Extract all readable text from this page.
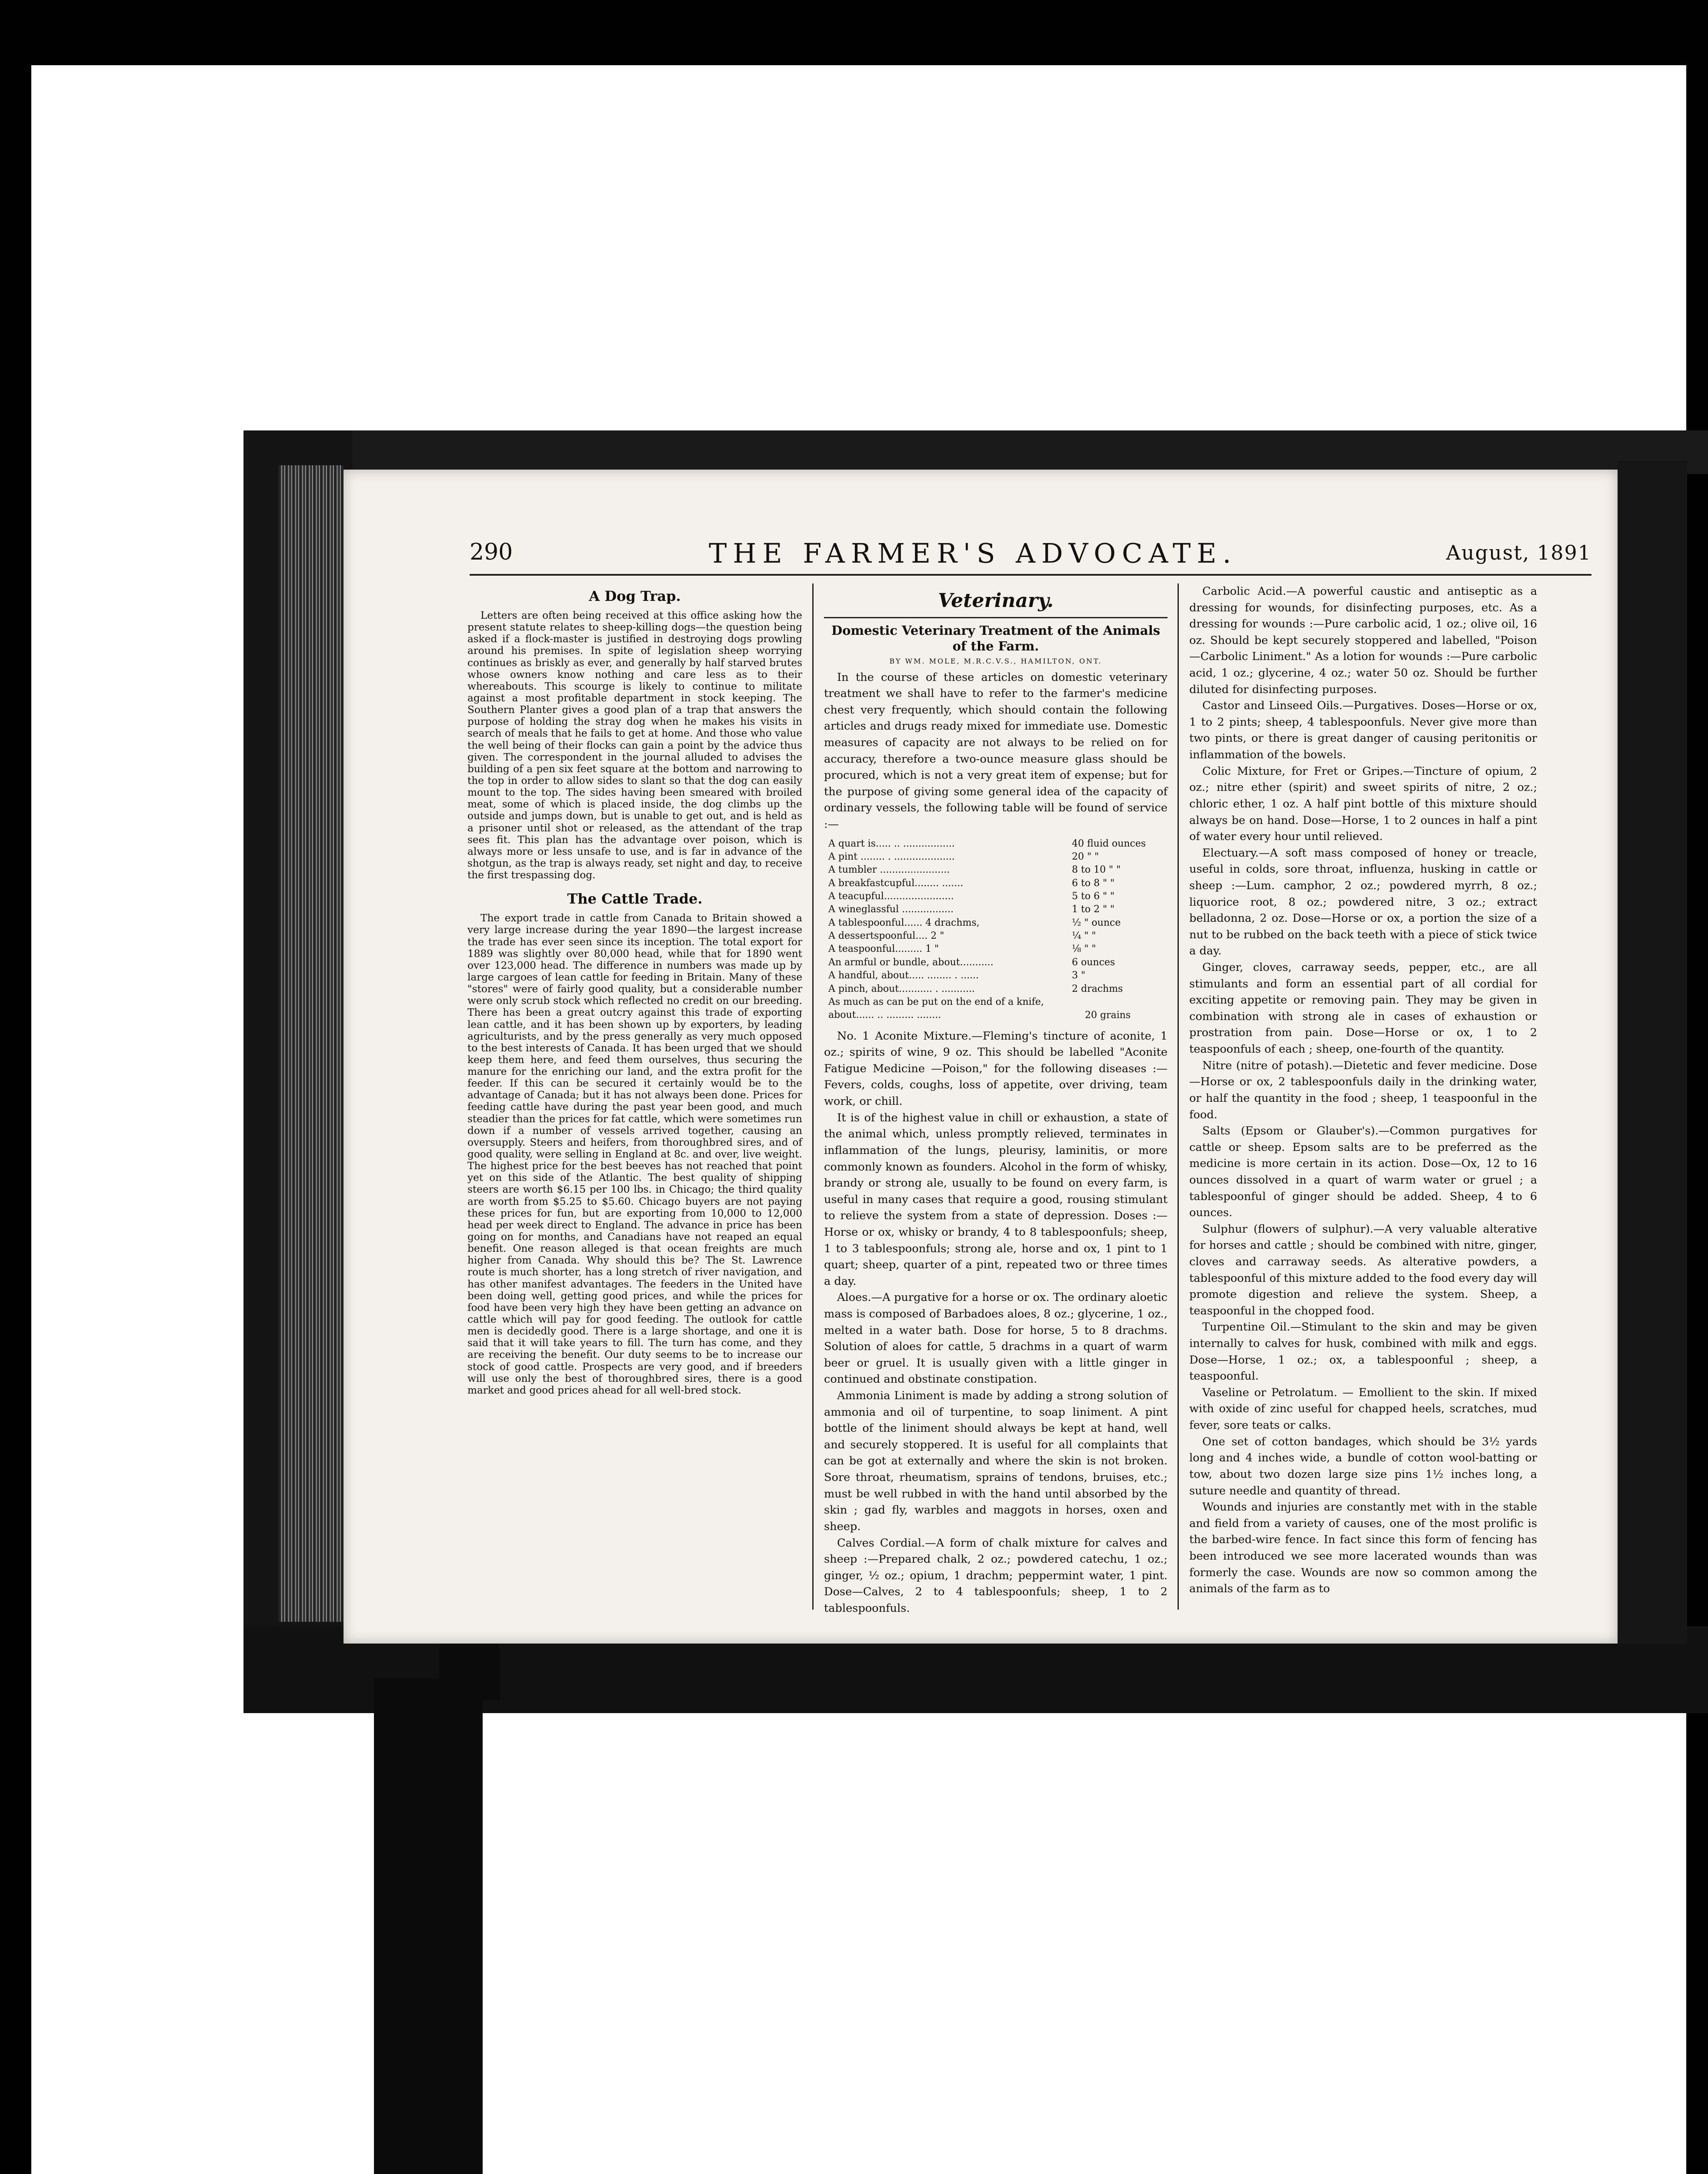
290	THE FARMER'S ADVOCATE.	August, 1891
A Dog Trap.

Letters are often being received at this office asking how the present statute relates to sheep-killing dogs—the question being asked if a flock-master is justified in destroying dogs prowling around his premises. In spite of legislation sheep worrying continues as briskly as ever, and generally by half starved brutes whose owners know nothing and care less as to their whereabouts. This scourge is likely to continue to militate against a most profitable department in stock keeping. The Southern Planter gives a good plan of a trap that answers the purpose of holding the stray dog when he makes his visits in search of meals that he fails to get at home. And those who value the well being of their flocks can gain a point by the advice thus given. The correspondent in the journal alluded to advises the building of a pen six feet square at the bottom and narrowing to the top in order to allow sides to slant so that the dog can easily mount to the top. The sides having been smeared with broiled meat, some of which is placed inside, the dog climbs up the outside and jumps down, but is unable to get out, and is held as a prisoner until shot or released, as the attendant of the trap sees fit. This plan has the advantage over poison, which is always more or less unsafe to use, and is far in advance of the shotgun, as the trap is always ready, set night and day, to receive the first trespassing dog.

The Cattle Trade.

The export trade in cattle from Canada to Britain showed a very large increase during the year 1890—the largest increase the trade has ever seen since its inception. The total export for 1889 was slightly over 80,000 head, while that for 1890 went over 123,000 head. The difference in numbers was made up by large cargoes of lean cattle for feeding in Britain. Many of these "stores" were of fairly good quality, but a considerable number were only scrub stock which reflected no credit on our breeding. There has been a great outcry against this trade of exporting lean cattle, and it has been shown up by exporters, by leading agriculturists, and by the press generally as very much opposed to the best interests of Canada. It has been urged that we should keep them here, and feed them ourselves, thus securing the manure for the enriching our land, and the extra profit for the feeder. If this can be secured it certainly would be to the advantage of Canada; but it has not always been done. Prices for feeding cattle have during the past year been good, and much steadier than the prices for fat cattle, which were sometimes run down if a number of vessels arrived together, causing an oversupply. Steers and heifers, from thoroughbred sires, and of good quality, were selling in England at 8c. and over, live weight. The highest price for the best beeves has not reached that point yet on this side of the Atlantic. The best quality of shipping steers are worth $6.15 per 100 lbs. in Chicago; the third quality are worth from $5.25 to $5.60. Chicago buyers are not paying these prices for fun, but are exporting from 10,000 to 12,000 head per week direct to England. The advance in price has been going on for months, and Canadians have not reaped an equal benefit. One reason alleged is that ocean freights are much higher from Canada. Why should this be? The St. Lawrence route is much shorter, has a long stretch of river navigation, and has other manifest advantages. The feeders in the United have been doing well, getting good prices, and while the prices for food have been very high they have been getting an advance on cattle which will pay for good feeding. The outlook for cattle men is decidedly good. There is a large shortage, and one it is said that it will take years to fill. The turn has come, and they are receiving the benefit. Our duty seems to be to increase our stock of good cattle. Prospects are very good, and if breeders will use only the best of thoroughbred sires, there is a good market and good prices ahead for all well-bred stock.

Veterinary.
Domestic Veterinary Treatment of the Animals of the Farm.
BY WM. MOLE, M.R.C.V.S., HAMILTON, ONT.

In the course of these articles on domestic veterinary treatment we shall have to refer to the farmer's medicine chest very frequently, which should contain the following articles and drugs ready mixed for immediate use. Domestic measures of capacity are not always to be relied on for accuracy, therefore a two-ounce measure glass should be procured, which is not a very great item of expense; but for the purpose of giving some general idea of the capacity of ordinary vessels, the following table will be found of service :—

A quart is..... .. .................	40 fluid ounces
A pint ........ . ....................	20 " "
A tumbler .......................	8 to 10 " "
A breakfastcupful........ .......	6 to 8 " "
A teacupful.......................	5 to 6 " "
A wineglassful .................	1 to 2 " "
A tablespoonful...... 4 drachms,	½ " ounce
A dessertspoonful.... 2 "	¼ " "
A teaspoonful......... 1 "	⅛ " "
An armful or bundle, about...........	6 ounces
A handful, about..... ........ . ......	3 "
A pinch, about........... . ...........	2 drachms
As much as can be put on the end of a knife, about...... .. ......... ........	20 grains

No. 1 Aconite Mixture.—Fleming's tincture of aconite, 1 oz.; spirits of wine, 9 oz. This should be labelled "Aconite Fatigue Medicine —Poison," for the following diseases :—Fevers, colds, coughs, loss of appetite, over driving, team work, or chill.

It is of the highest value in chill or exhaustion, a state of the animal which, unless promptly relieved, terminates in inflammation of the lungs, pleurisy, laminitis, or more commonly known as founders. Alcohol in the form of whisky, brandy or strong ale, usually to be found on every farm, is useful in many cases that require a good, rousing stimulant to relieve the system from a state of depression. Doses :—Horse or ox, whisky or brandy, 4 to 8 tablespoonfuls; sheep, 1 to 3 tablespoonfuls; strong ale, horse and ox, 1 pint to 1 quart; sheep, quarter of a pint, repeated two or three times a day.

Aloes.—A purgative for a horse or ox. The ordinary aloetic mass is composed of Barbadoes aloes, 8 oz.; glycerine, 1 oz., melted in a water bath. Dose for horse, 5 to 8 drachms. Solution of aloes for cattle, 5 drachms in a quart of warm beer or gruel. It is usually given with a little ginger in continued and obstinate constipation.

Ammonia Liniment is made by adding a strong solution of ammonia and oil of turpentine, to soap liniment. A pint bottle of the liniment should always be kept at hand, well and securely stoppered. It is useful for all complaints that can be got at externally and where the skin is not broken. Sore throat, rheumatism, sprains of tendons, bruises, etc.; must be well rubbed in with the hand until absorbed by the skin ; gad fly, warbles and maggots in horses, oxen and sheep.

Calves Cordial.—A form of chalk mixture for calves and sheep :—Prepared chalk, 2 oz.; powdered catechu, 1 oz.; ginger, ½ oz.; opium, 1 drachm; peppermint water, 1 pint. Dose—Calves, 2 to 4 tablespoonfuls; sheep, 1 to 2 tablespoonfuls.

Carbolic Acid.—A powerful caustic and antiseptic as a dressing for wounds, for disinfecting purposes, etc. As a dressing for wounds :—Pure carbolic acid, 1 oz.; olive oil, 16 oz. Should be kept securely stoppered and labelled, "Poison—Carbolic Liniment." As a lotion for wounds :—Pure carbolic acid, 1 oz.; glycerine, 4 oz.; water 50 oz. Should be further diluted for disinfecting purposes.

Castor and Linseed Oils.—Purgatives. Doses—Horse or ox, 1 to 2 pints; sheep, 4 tablespoonfuls. Never give more than two pints, or there is great danger of causing peritonitis or inflammation of the bowels.

Colic Mixture, for Fret or Gripes.—Tincture of opium, 2 oz.; nitre ether (spirit) and sweet spirits of nitre, 2 oz.; chloric ether, 1 oz. A half pint bottle of this mixture should always be on hand. Dose—Horse, 1 to 2 ounces in half a pint of water every hour until relieved.

Electuary.—A soft mass composed of honey or treacle, useful in colds, sore throat, influenza, husking in cattle or sheep :—Lum. camphor, 2 oz.; powdered myrrh, 8 oz.; liquorice root, 8 oz.; powdered nitre, 3 oz.; extract belladonna, 2 oz. Dose—Horse or ox, a portion the size of a nut to be rubbed on the back teeth with a piece of stick twice a day.

Ginger, cloves, carraway seeds, pepper, etc., are all stimulants and form an essential part of all cordial for exciting appetite or removing pain. They may be given in combination with strong ale in cases of exhaustion or prostration from pain. Dose—Horse or ox, 1 to 2 teaspoonfuls of each ; sheep, one-fourth of the quantity.

Nitre (nitre of potash).—Dietetic and fever medicine. Dose—Horse or ox, 2 tablespoonfuls daily in the drinking water, or half the quantity in the food ; sheep, 1 teaspoonful in the food.

Salts (Epsom or Glauber's).—Common purgatives for cattle or sheep. Epsom salts are to be preferred as the medicine is more certain in its action. Dose—Ox, 12 to 16 ounces dissolved in a quart of warm water or gruel ; a tablespoonful of ginger should be added. Sheep, 4 to 6 ounces.

Sulphur (flowers of sulphur).—A very valuable alterative for horses and cattle ; should be combined with nitre, ginger, cloves and carraway seeds. As alterative powders, a tablespoonful of this mixture added to the food every day will promote digestion and relieve the system. Sheep, a teaspoonful in the chopped food.

Turpentine Oil.—Stimulant to the skin and may be given internally to calves for husk, combined with milk and eggs. Dose—Horse, 1 oz.; ox, a tablespoonful ; sheep, a teaspoonful.

Vaseline or Petrolatum. — Emollient to the skin. If mixed with oxide of zinc useful for chapped heels, scratches, mud fever, sore teats or calks.

One set of cotton bandages, which should be 3½ yards long and 4 inches wide, a bundle of cotton wool-batting or tow, about two dozen large size pins 1½ inches long, a suture needle and quantity of thread.

Wounds and injuries are constantly met with in the stable and field from a variety of causes, one of the most prolific is the barbed-wire fence. In fact since this form of fencing has been introduced we see more lacerated wounds than was formerly the case. Wounds are now so common among the animals of the farm as to
